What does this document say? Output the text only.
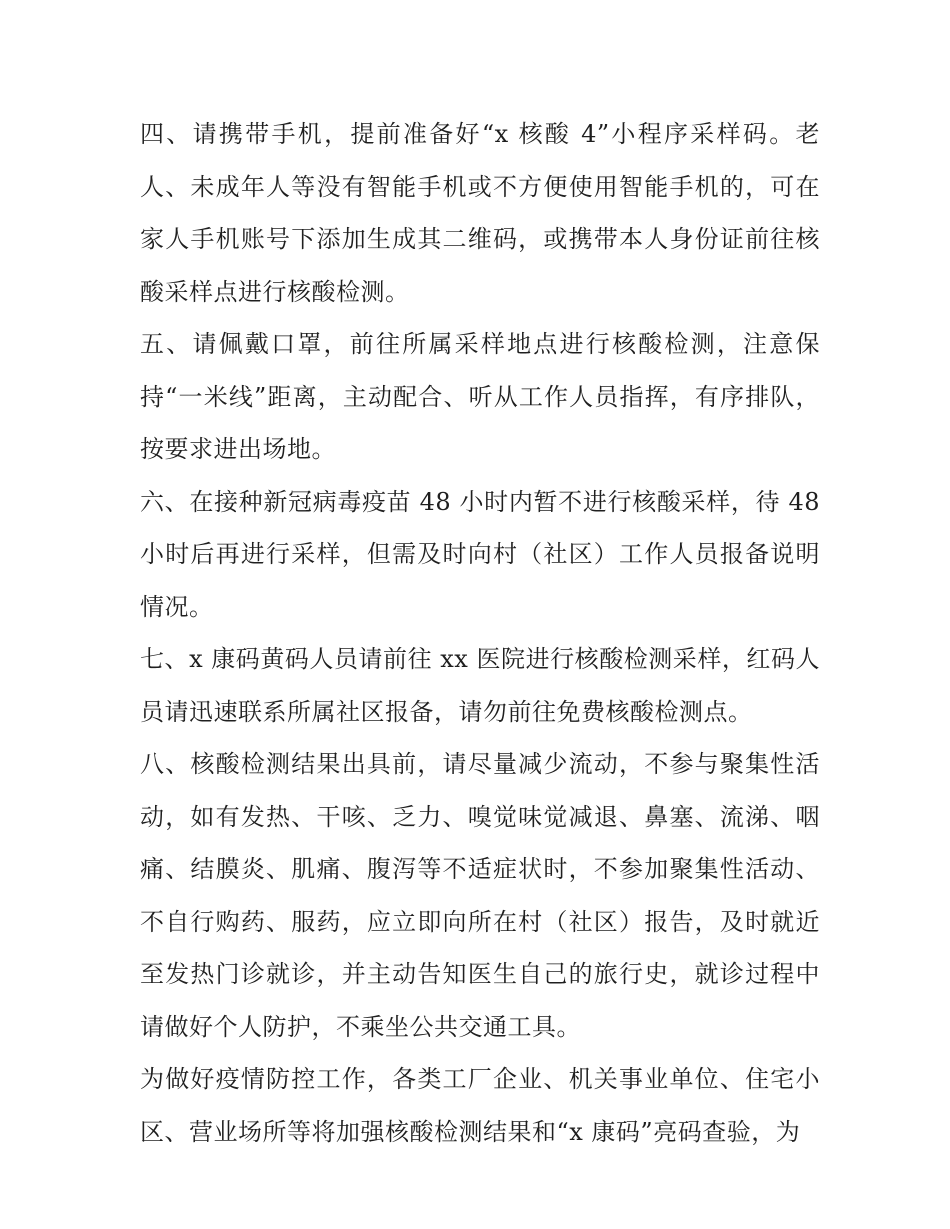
四、请携带手机，提前准备好“x 核酸 4”小程序采样码。老人、未成年人等没有智能手机或不方便使用智能手机的，可在家人手机账号下添加生成其二维码，或携带本人身份证前往核酸采样点进行核酸检测。

五、请佩戴口罩，前往所属采样地点进行核酸检测，注意保持“一米线”距离，主动配合、听从工作人员指挥，有序排队，按要求进出场地。

六、在接种新冠病毒疫苗 48 小时内暂不进行核酸采样，待 48 小时后再进行采样，但需及时向村（社区）工作人员报备说明情况。

七、x 康码黄码人员请前往 xx 医院进行核酸检测采样，红码人员请迅速联系所属社区报备，请勿前往免费核酸检测点。

八、核酸检测结果出具前，请尽量减少流动，不参与聚集性活动，如有发热、干咳、乏力、嗅觉味觉减退、鼻塞、流涕、咽痛、结膜炎、肌痛、腹泻等不适症状时，不参加聚集性活动、不自行购药、服药，应立即向所在村（社区）报告，及时就近至发热门诊就诊，并主动告知医生自己的旅行史，就诊过程中请做好个人防护，不乘坐公共交通工具。

为做好疫情防控工作，各类工厂企业、机关事业单位、住宅小区、营业场所等将加强核酸检测结果和“x 康码”亮码查验，为
